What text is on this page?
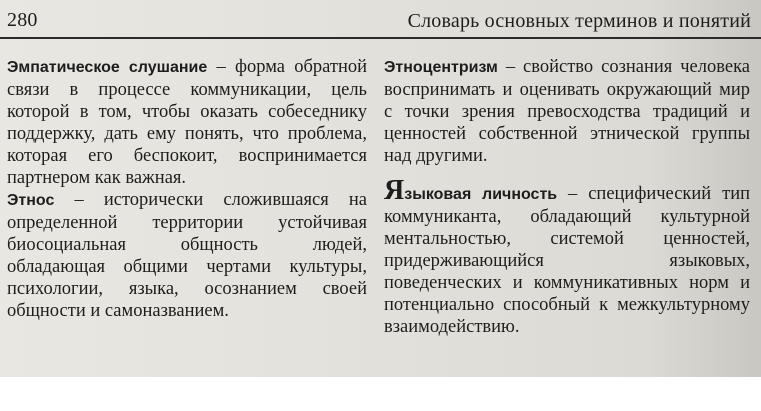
280	Словарь основных терминов и понятий

Эмпатическое слушание – форма обратной связи в процессе коммуникации, цель которой в том, чтобы оказать собеседнику поддержку, дать ему понять, что проблема, которая его беспокоит, воспринимается партнером как важная.

Этнос – исторически сложившаяся на определенной территории устойчивая биосоциальная общность людей, обладающая общими чертами культуры, психологии, языка, осознанием своей общности и самоназванием.

Этноцентризм – свойство сознания человека воспринимать и оценивать окружающий мир с точки зрения превосходства традиций и ценностей собственной этнической группы над другими.

Языковая личность – специфический тип коммуниканта, обладающий культурной ментальностью, системой ценностей, придерживающийся языковых, поведенческих и коммуникативных норм и потенциально способный к межкультурному взаимодействию.
